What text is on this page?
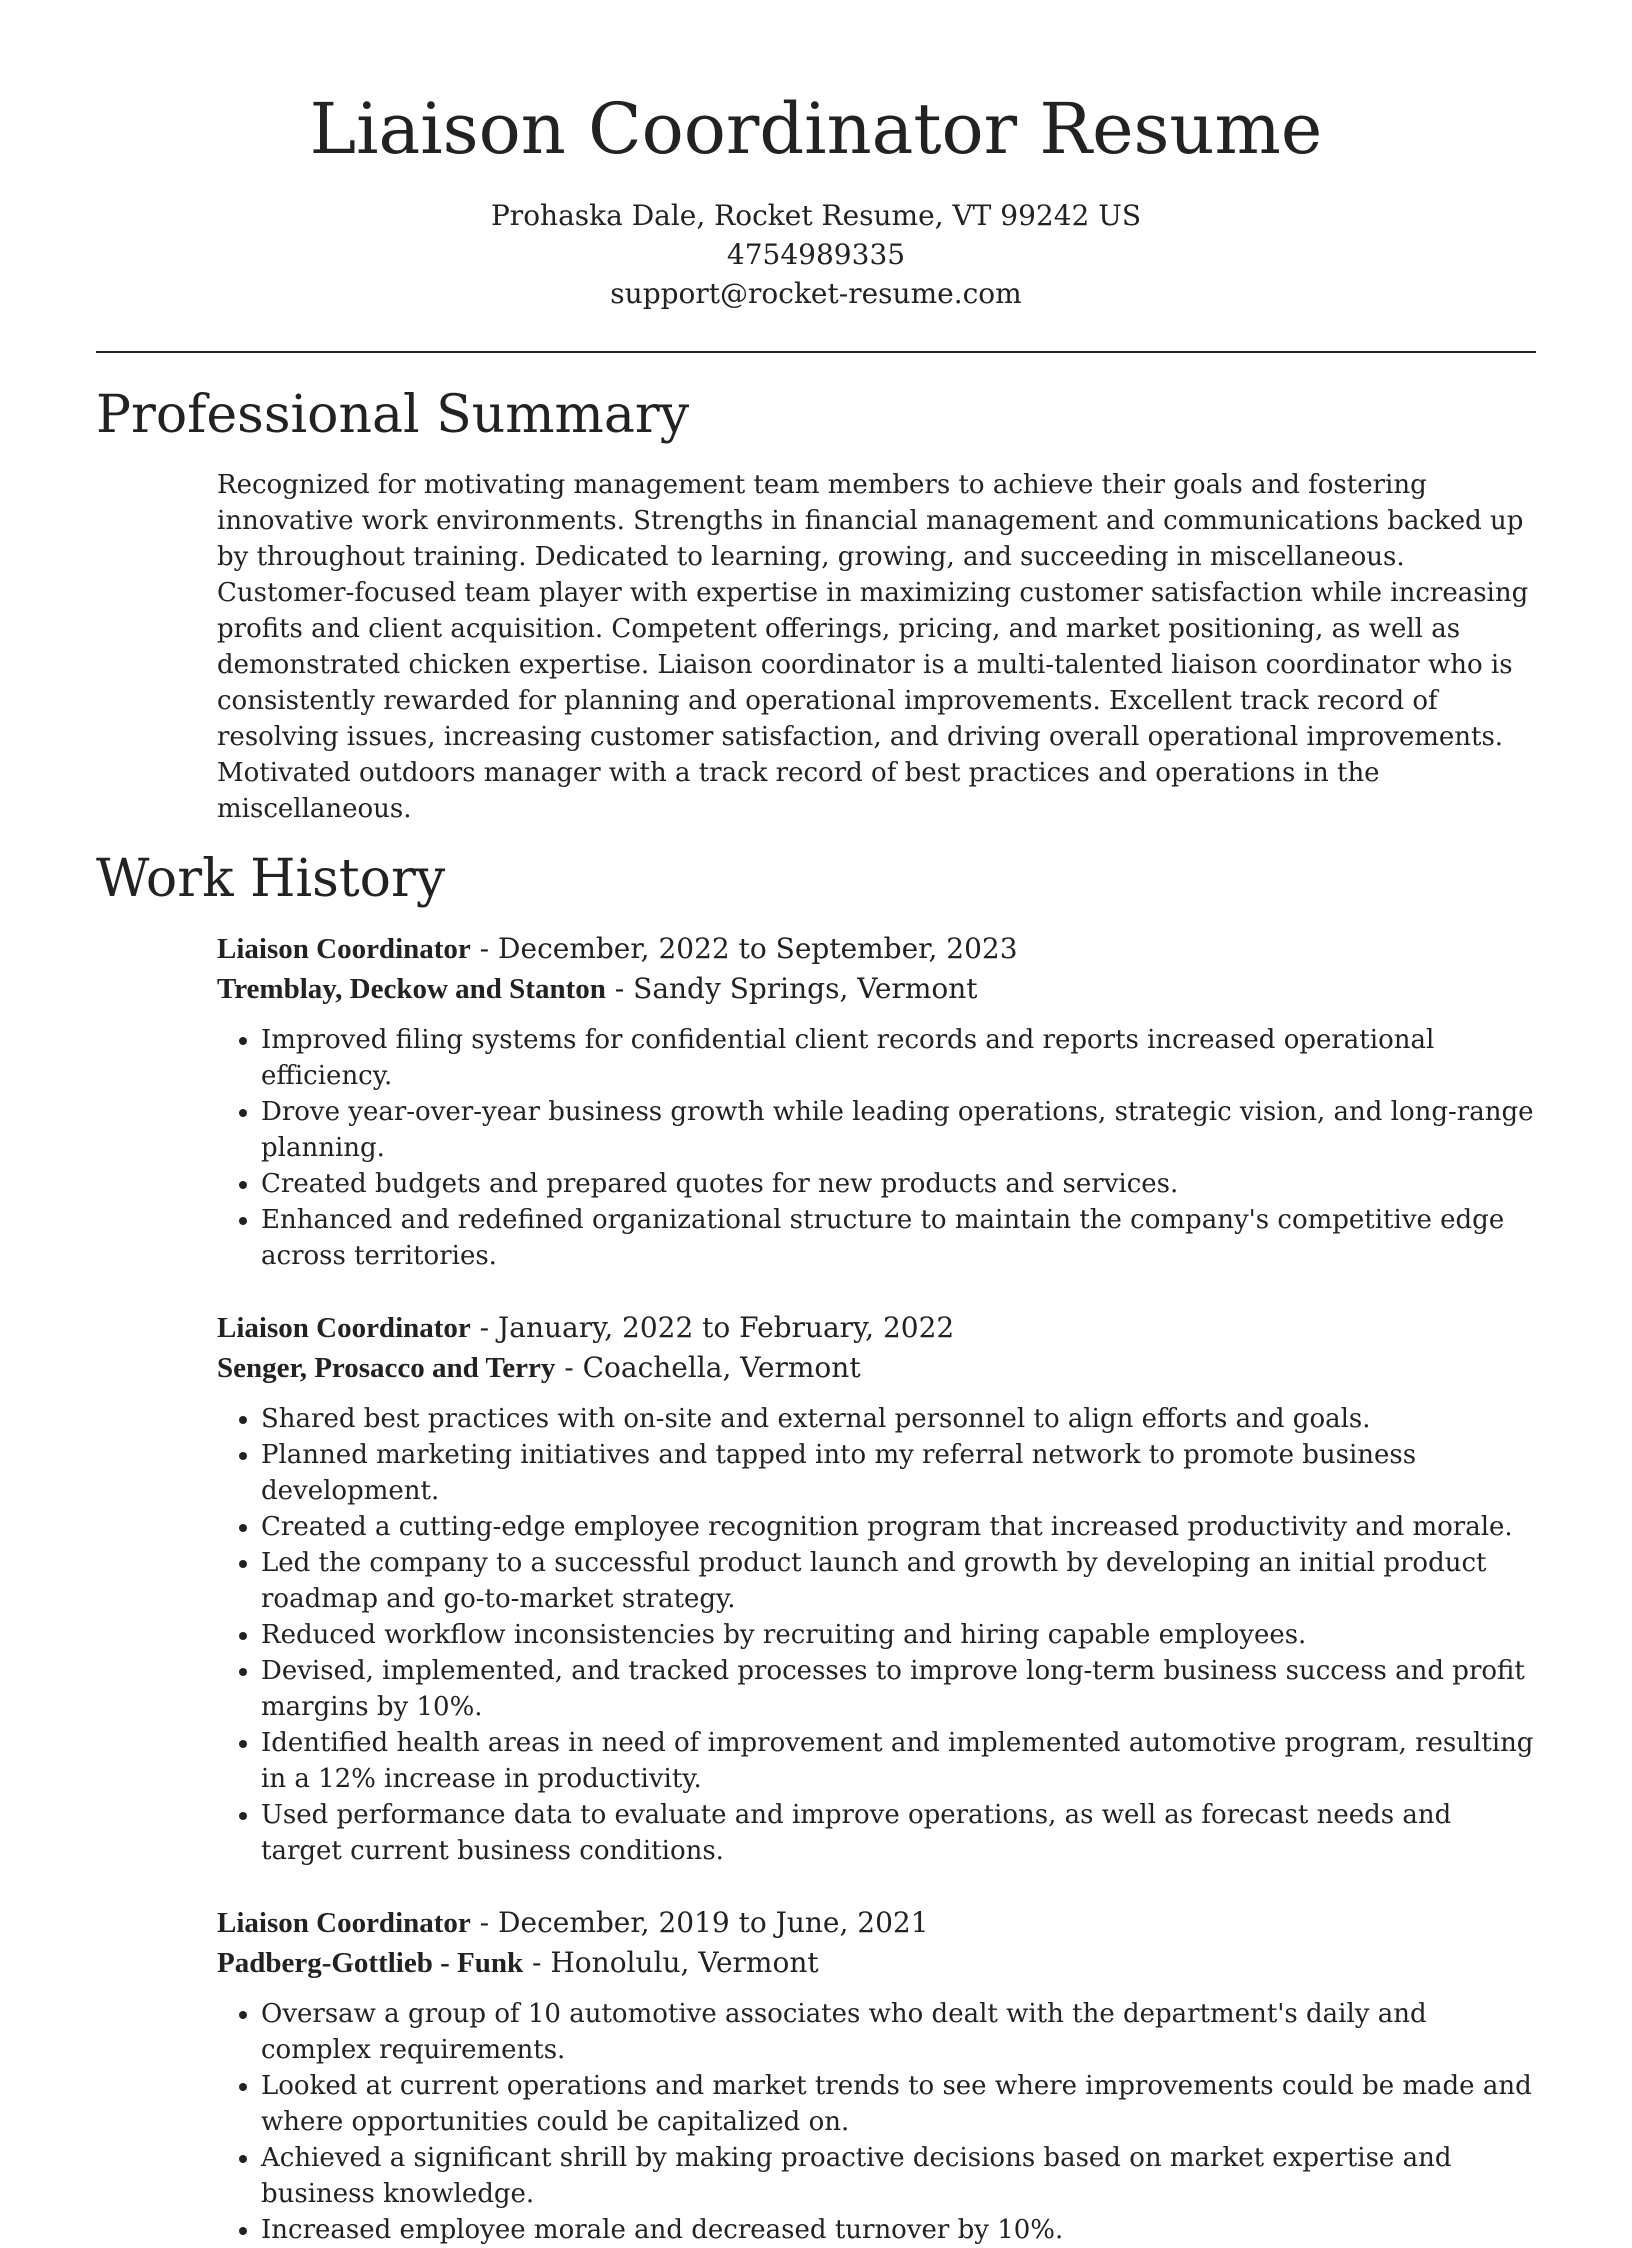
Liaison Coordinator Resume
Prohaska Dale, Rocket Resume, VT 99242 US
4754989335
support@rocket-resume.com
Professional Summary
Recognized for motivating management team members to achieve their goals and fostering innovative work environments. Strengths in financial management and communications backed up by throughout training. Dedicated to learning, growing, and succeeding in miscellaneous. Customer-focused team player with expertise in maximizing customer satisfaction while increasing profits and client acquisition. Competent offerings, pricing, and market positioning, as well as demonstrated chicken expertise. Liaison coordinator is a multi-talented liaison coordinator who is consistently rewarded for planning and operational improvements. Excellent track record of resolving issues, increasing customer satisfaction, and driving overall operational improvements. Motivated outdoors manager with a track record of best practices and operations in the miscellaneous.
Work History
Liaison Coordinator - December, 2022 to September, 2023
Tremblay, Deckow and Stanton - Sandy Springs, Vermont
• Improved filing systems for confidential client records and reports increased operational efficiency.
• Drove year-over-year business growth while leading operations, strategic vision, and long-range planning.
• Created budgets and prepared quotes for new products and services.
• Enhanced and redefined organizational structure to maintain the company's competitive edge across territories.
Liaison Coordinator - January, 2022 to February, 2022
Senger, Prosacco and Terry - Coachella, Vermont
• Shared best practices with on-site and external personnel to align efforts and goals.
• Planned marketing initiatives and tapped into my referral network to promote business development.
• Created a cutting-edge employee recognition program that increased productivity and morale.
• Led the company to a successful product launch and growth by developing an initial product roadmap and go-to-market strategy.
• Reduced workflow inconsistencies by recruiting and hiring capable employees.
• Devised, implemented, and tracked processes to improve long-term business success and profit margins by 10%.
• Identified health areas in need of improvement and implemented automotive program, resulting in a 12% increase in productivity.
• Used performance data to evaluate and improve operations, as well as forecast needs and target current business conditions.
Liaison Coordinator - December, 2019 to June, 2021
Padberg-Gottlieb - Funk - Honolulu, Vermont
• Oversaw a group of 10 automotive associates who dealt with the department's daily and complex requirements.
• Looked at current operations and market trends to see where improvements could be made and where opportunities could be capitalized on.
• Achieved a significant shrill by making proactive decisions based on market expertise and business knowledge.
• Increased employee morale and decreased turnover by 10%.
